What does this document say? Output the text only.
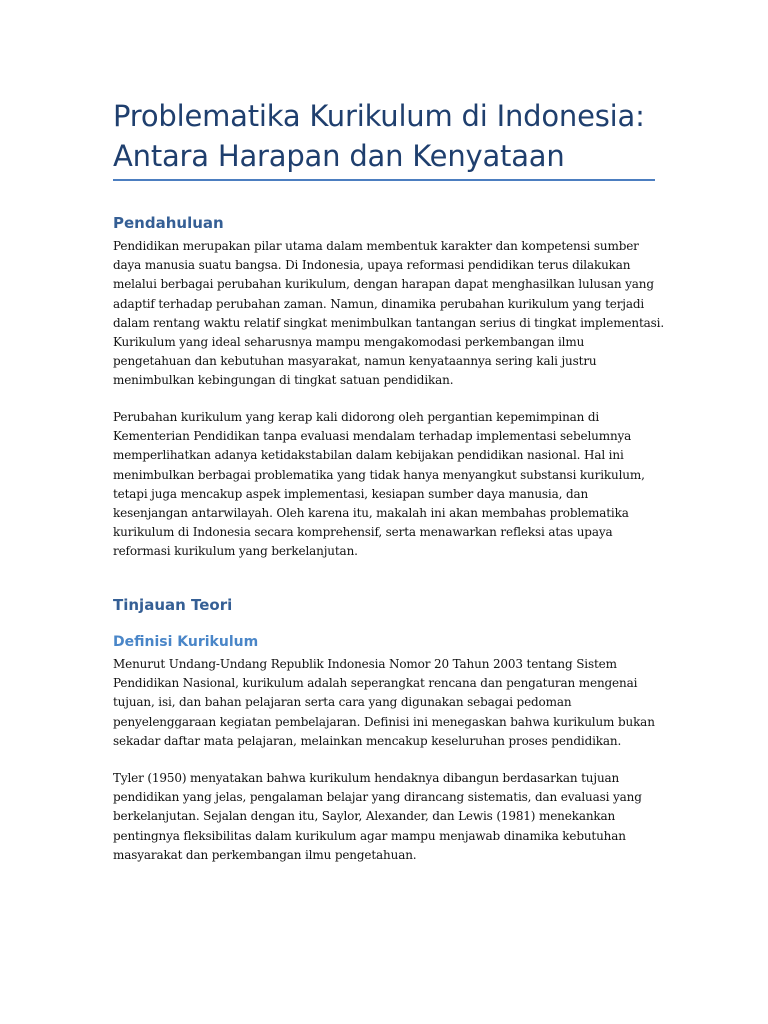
Problematika Kurikulum di Indonesia:
Antara Harapan dan Kenyataan
Pendahuluan

Pendidikan merupakan pilar utama dalam membentuk karakter dan kompetensi sumber
daya manusia suatu bangsa. Di Indonesia, upaya reformasi pendidikan terus dilakukan
melalui berbagai perubahan kurikulum, dengan harapan dapat menghasilkan lulusan yang
adaptif terhadap perubahan zaman. Namun, dinamika perubahan kurikulum yang terjadi
dalam rentang waktu relatif singkat menimbulkan tantangan serius di tingkat implementasi.
Kurikulum yang ideal seharusnya mampu mengakomodasi perkembangan ilmu
pengetahuan dan kebutuhan masyarakat, namun kenyataannya sering kali justru
menimbulkan kebingungan di tingkat satuan pendidikan.

Perubahan kurikulum yang kerap kali didorong oleh pergantian kepemimpinan di
Kementerian Pendidikan tanpa evaluasi mendalam terhadap implementasi sebelumnya
memperlihatkan adanya ketidakstabilan dalam kebijakan pendidikan nasional. Hal ini
menimbulkan berbagai problematika yang tidak hanya menyangkut substansi kurikulum,
tetapi juga mencakup aspek implementasi, kesiapan sumber daya manusia, dan
kesenjangan antarwilayah. Oleh karena itu, makalah ini akan membahas problematika
kurikulum di Indonesia secara komprehensif, serta menawarkan refleksi atas upaya
reformasi kurikulum yang berkelanjutan.

Tinjauan Teori
Definisi Kurikulum

Menurut Undang-Undang Republik Indonesia Nomor 20 Tahun 2003 tentang Sistem
Pendidikan Nasional, kurikulum adalah seperangkat rencana dan pengaturan mengenai
tujuan, isi, dan bahan pelajaran serta cara yang digunakan sebagai pedoman
penyelenggaraan kegiatan pembelajaran. Definisi ini menegaskan bahwa kurikulum bukan
sekadar daftar mata pelajaran, melainkan mencakup keseluruhan proses pendidikan.

Tyler (1950) menyatakan bahwa kurikulum hendaknya dibangun berdasarkan tujuan
pendidikan yang jelas, pengalaman belajar yang dirancang sistematis, dan evaluasi yang
berkelanjutan. Sejalan dengan itu, Saylor, Alexander, dan Lewis (1981) menekankan
pentingnya fleksibilitas dalam kurikulum agar mampu menjawab dinamika kebutuhan
masyarakat dan perkembangan ilmu pengetahuan.
